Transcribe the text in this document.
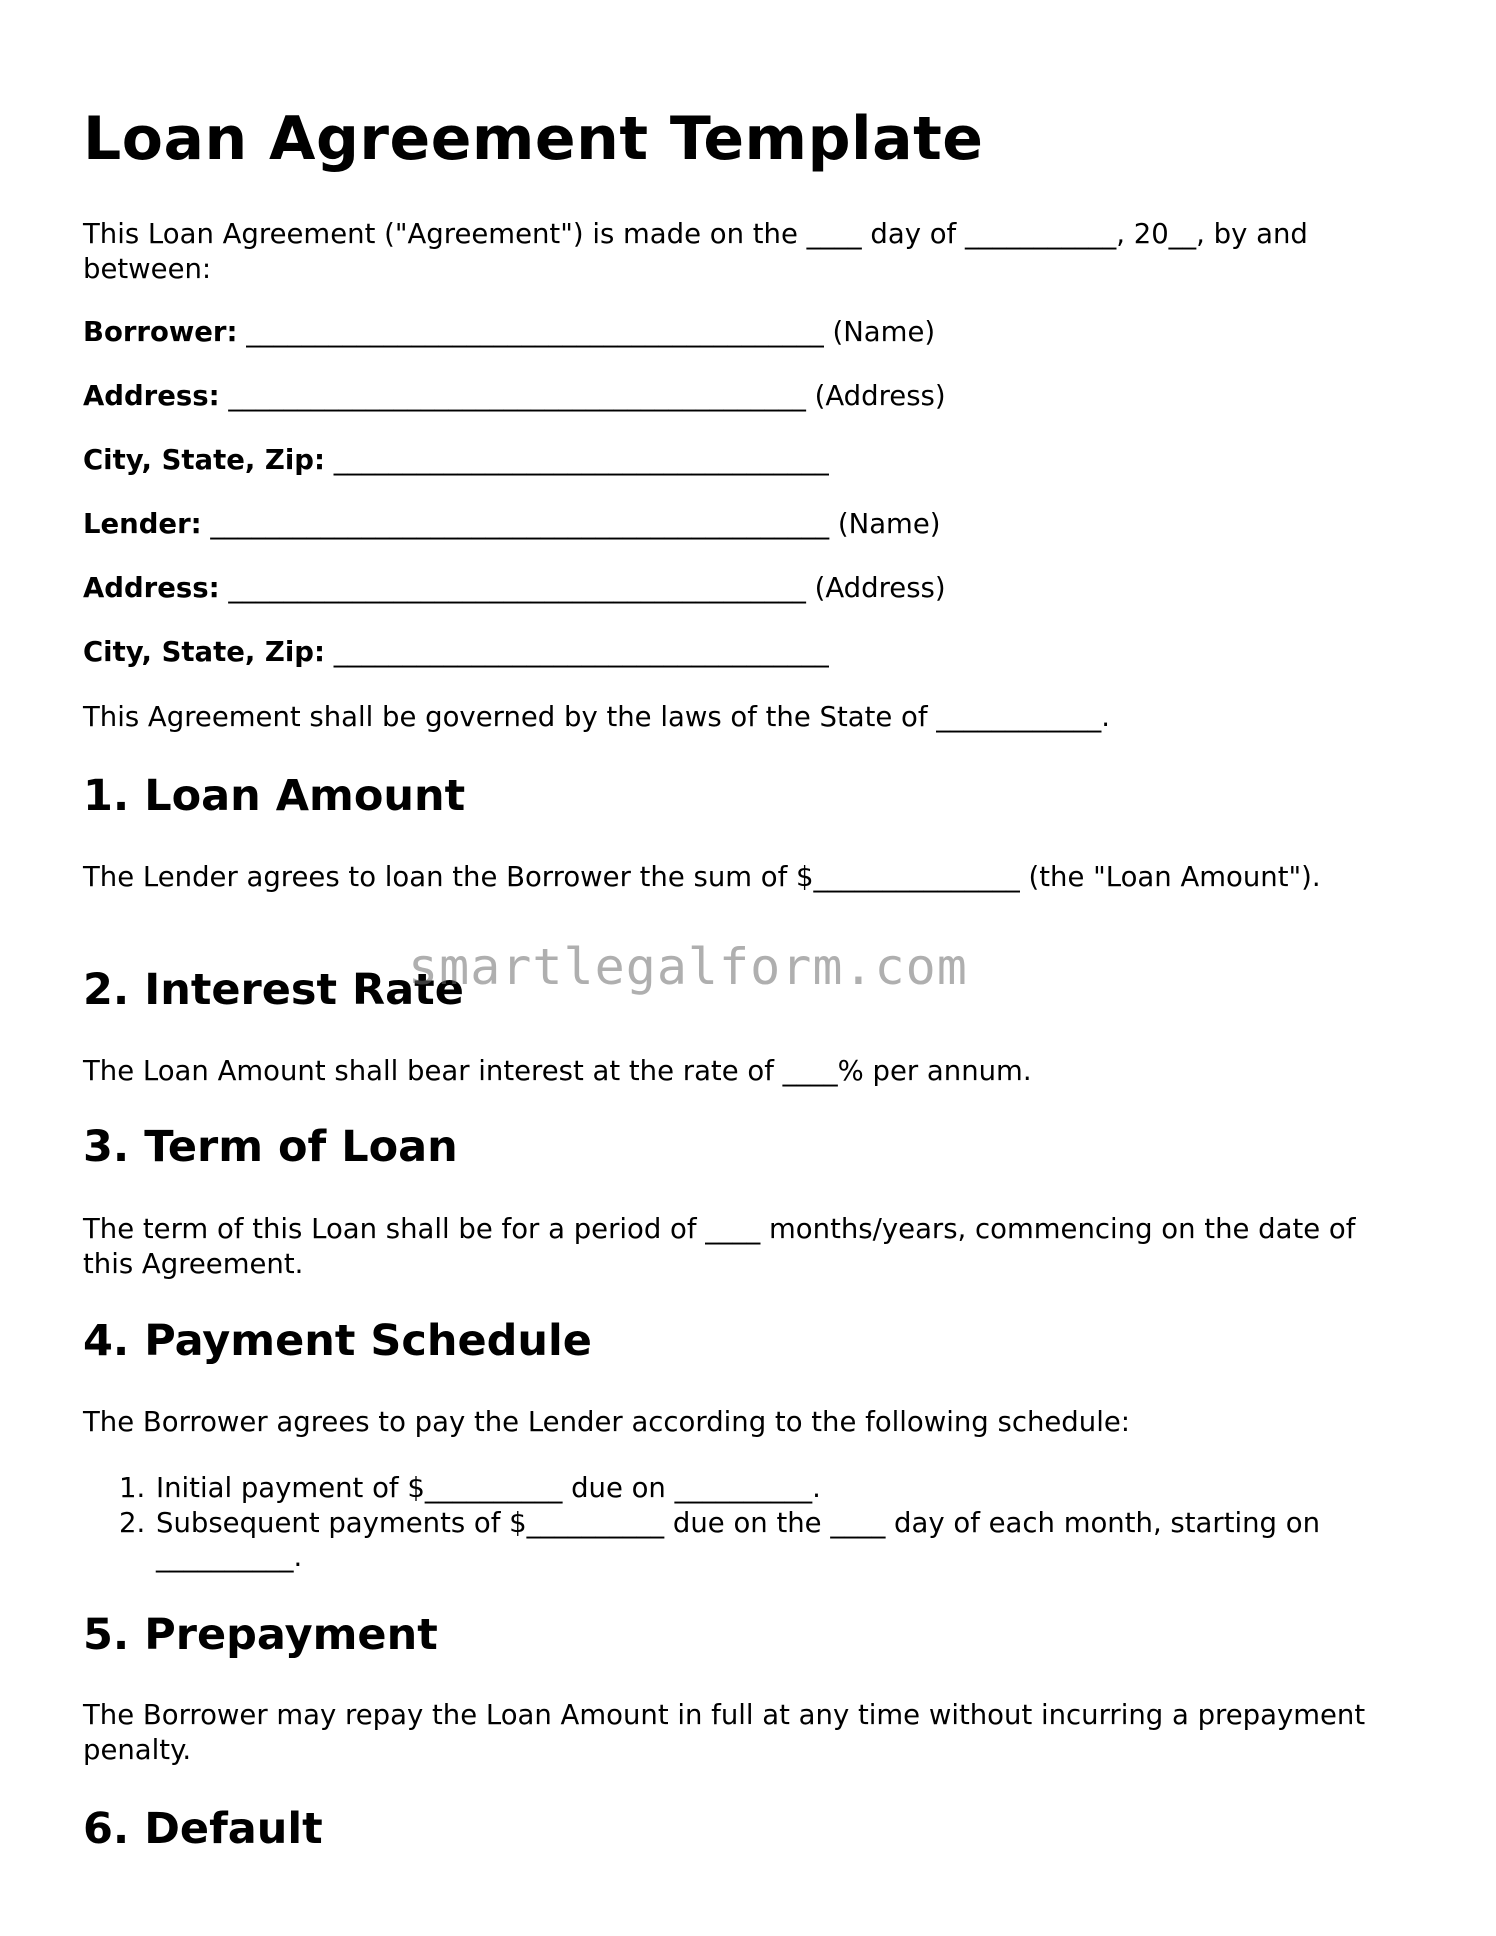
Loan Agreement Template

This Loan Agreement ("Agreement") is made on the ____ day of ___________, 20__, by and between:

Borrower: __________________________________________ (Name)

Address: __________________________________________ (Address)

City, State, Zip: ____________________________________

Lender: _____________________________________________ (Name)

Address: __________________________________________ (Address)

City, State, Zip: ____________________________________

This Agreement shall be governed by the laws of the State of ____________.

1. Loan Amount

The Lender agrees to loan the Borrower the sum of $_______________ (the "Loan Amount").

2. Interest Rate

The Loan Amount shall bear interest at the rate of ____% per annum.

3. Term of Loan

The term of this Loan shall be for a period of ____ months/years, commencing on the date of this Agreement.

4. Payment Schedule

The Borrower agrees to pay the Lender according to the following schedule:

1. Initial payment of $__________ due on __________.
2. Subsequent payments of $__________ due on the ____ day of each month, starting on __________.
5. Prepayment

The Borrower may repay the Loan Amount in full at any time without incurring a prepayment penalty.

6. Default
smartlegalform.com
